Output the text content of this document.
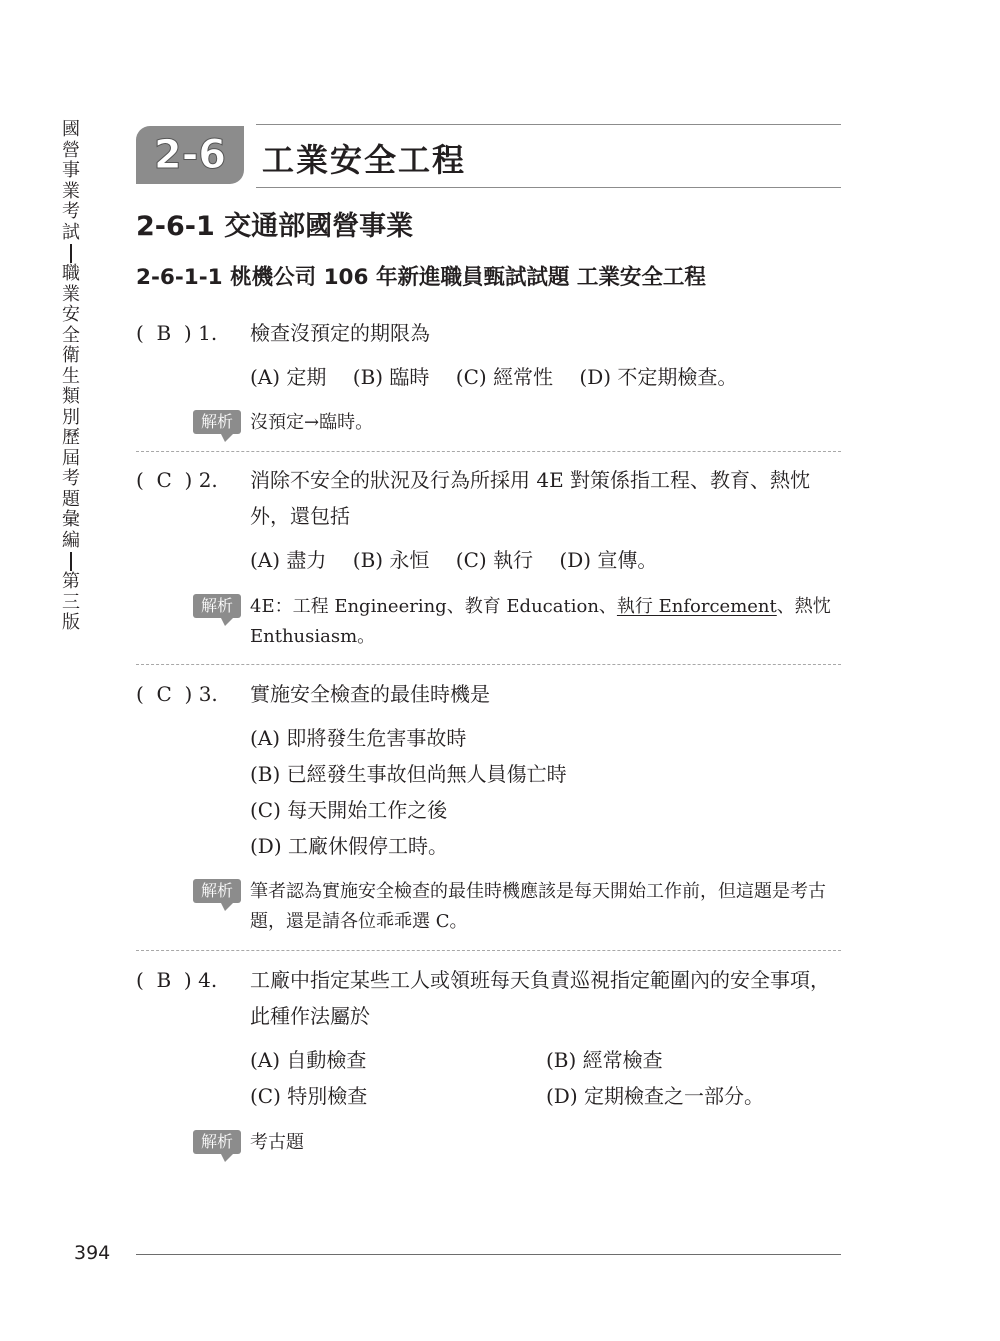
國
營
事
業
考
試
職
業
安
全
衛
生
類
別
歷
屆
考
題
彙
編
第
三
版
2-6	工業安全工程
2-6-1 交通部國營事業
2-6-1-1 桃機公司 106 年新進職員甄試試題 工業安全工程
(  B  ) 1. 檢查沒預定的期限為
(A) 定期 (B) 臨時 (C) 經常性 (D) 不定期檢查。
解析 沒預定→臨時。
(  C  ) 2. 消除不安全的狀況及行為所採用 4E 對策係指工程、教育、熱忱外，還包括
(A) 盡力 (B) 永恒 (C) 執行 (D) 宣傳。
解析 4E：工程 Engineering、教育 Education、執行 Enforcement、熱忱 Enthusiasm。
(  C  ) 3. 實施安全檢查的最佳時機是
(A) 即將發生危害事故時
(B) 已經發生事故但尚無人員傷亡時
(C) 每天開始工作之後
(D) 工廠休假停工時。
解析 筆者認為實施安全檢查的最佳時機應該是每天開始工作前，但這題是考古題，還是請各位乖乖選 C。
(  B  ) 4. 工廠中指定某些工人或領班每天負責巡視指定範圍內的安全事項，此種作法屬於
(A) 自動檢查	(B) 經常檢查
(C) 特別檢查	(D) 定期檢查之一部分。
解析 考古題
394
